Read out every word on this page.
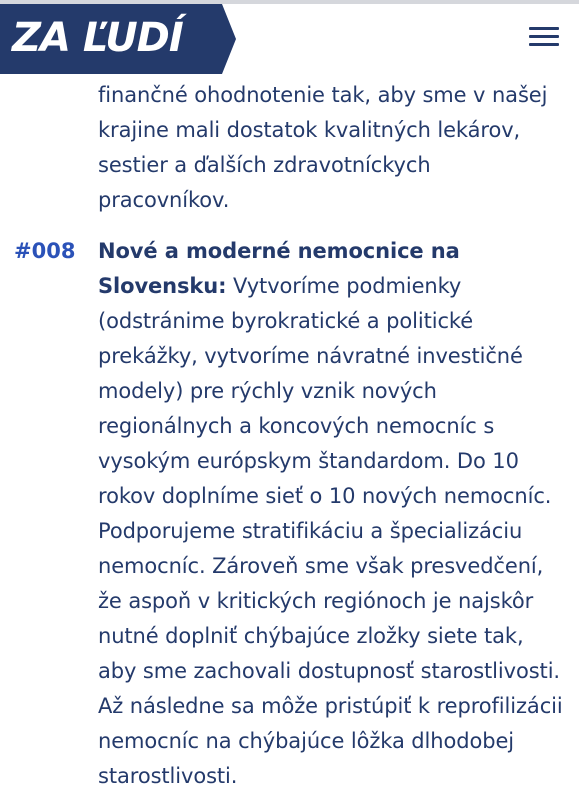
ZA ĽUDÍ

finančné ohodnotenie tak, aby sme v našej krajine mali dostatok kvalitných lekárov, sestier a ďalších zdravotníckych pracovníkov.

#008 Nové a moderné nemocnice na Slovensku: Vytvoríme podmienky (odstránime byrokratické a politické prekážky, vytvoríme návratné investičné modely) pre rýchly vznik nových regionálnych a koncových nemocníc s vysokým európskym štandardom. Do 10 rokov doplníme sieť o 10 nových nemocníc. Podporujeme stratifikáciu a špecializáciu nemocníc. Zároveň sme však presvedčení, že aspoň v kritických regiónoch je najskôr nutné doplniť chýbajúce zložky siete tak, aby sme zachovali dostupnosť starostlivosti. Až následne sa môže pristúpiť k reprofilizácii nemocníc na chýbajúce lôžka dlhodobej starostlivosti.
